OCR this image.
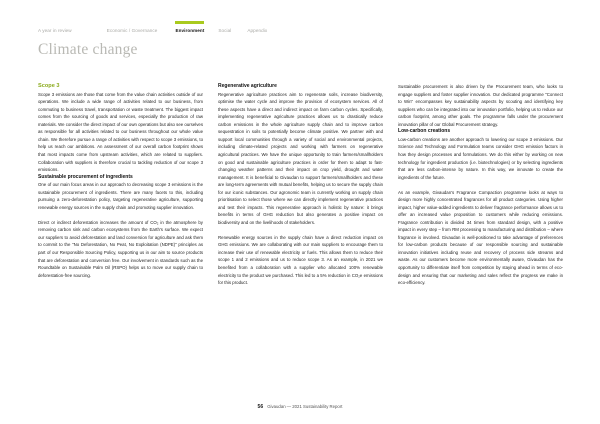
A year in review	Economic / Governance	Environment	Social	Appendix
Climate change
Scope 3

Scope 3 emissions are those that come from the value chain activities outside of our operations. We include a wide range of activities related to our business, from commuting to business travel, transportation or waste treatment. The biggest impact comes from the sourcing of goods and services, especially the production of raw materials. We consider the direct impact of our own operations but also see ourselves as responsible for all activities related to our business throughout our whole value chain. We therefore pursue a range of activities with respect to scope 3 emissions, to help us reach our ambitions. An assessment of our overall carbon footprint shows that most impacts come from upstream activities, which are related to suppliers. Collaboration with suppliers is therefore crucial to tackling reduction of our scope 3 emissions.

Sustainable procurement of ingredients

One of our main focus areas in our approach to decreasing scope 3 emissions is the sustainable procurement of ingredients. There are many facets to this, including pursuing a zero-deforestation policy, targeting regenerative agriculture, supporting renewable energy sources in the supply chain and promoting supplier innovation.

Direct or indirect deforestation increases the amount of CO₂ in the atmosphere by removing carbon sink and carbon ecosystems from the Earth's surface. We expect our suppliers to avoid deforestation and land conversion for agriculture and ask them to commit to the "No Deforestation, No Peat, No Exploitation (NDPE)" principles as part of our Responsible Sourcing Policy, supporting us in our aim to source products that are deforestation and conversion free. Our involvement in standards such as the Roundtable on Sustainable Palm Oil (RSPO) helps us to move our supply chain to deforestation-free sourcing.

Regenerative agriculture

Regenerative agriculture practices aim to regenerate soils, increase biodiversity, optimise the water cycle and improve the provision of ecosystem services. All of these aspects have a direct and indirect impact on farm carbon cycles. Specifically, implementing regenerative agriculture practices allows us to drastically reduce carbon emissions in the whole agriculture supply chain and to improve carbon sequestration in soils to potentially become climate positive. We partner with and support local communities through a variety of social and environmental projects, including climate-related projects and working with farmers on regenerative agricultural practices. We have the unique opportunity to train farmers/smallholders on good and sustainable agriculture practices in order for them to adapt to fast-changing weather patterns and their impact on crop yield, drought and water management. It is beneficial to Givaudan to support farmers/smallholders and these are long-term agreements with mutual benefits, helping us to secure the supply chain for our iconic substances. Our agronomic team is currently working on supply chain prioritisation to select those where we can directly implement regenerative practices and test their impacts. This regenerative approach is holistic by nature: it brings benefits in terms of GHG reduction but also generates a positive impact on biodiversity and on the livelihoods of stakeholders.

Renewable energy sources in the supply chain have a direct reduction impact on GHG emissions. We are collaborating with our main suppliers to encourage them to increase their use of renewable electricity or fuels. This allows them to reduce their scope 1 and 2 emissions and us to reduce scope 3. As an example, in 2021 we benefited from a collaboration with a supplier who allocated 100% renewable electricity to the product we purchased. This led to a 5% reduction in CO₂e emissions for this product.

Sustainable procurement is also driven by the Procurement team, who looks to engage suppliers and foster supplier innovation. Our dedicated programme "Connect to Win" encompasses key sustainability aspects by scouting and identifying key suppliers who can be integrated into our innovation portfolio, helping us to reduce our carbon footprint, among other goals. The programme falls under the procurement innovation pillar of our Global Procurement strategy.

Low-carbon creations

Low-carbon creations are another approach to lowering our scope 3 emissions. Our Science and Technology and Formulation teams consider GHG emission factors in how they design processes and formulations. We do this either by working on new technology for ingredient production (i.e. biotechnologies) or by selecting ingredients that are less carbon-intense by nature. In this way, we innovate to create the ingredients of the future.

As an example, Givaudan's Fragrance Compaction programme looks at ways to design more highly concentrated fragrances for all product categories. Using higher impact, higher value-added ingredients to deliver fragrance performance allows us to offer an increased value proposition to customers while reducing emissions. Fragrance contribution is divided 34 times from standard design, with a positive impact in every step – from RM processing to manufacturing and distribution – where fragrance is involved. Givaudan is well-positioned to take advantage of preferences for low-carbon products because of our responsible sourcing and sustainable innovation initiatives including reuse and recovery of process side streams and waste. As our customers become more environmentally aware, Givaudan has the opportunity to differentiate itself from competition by staying ahead in terms of eco-design and ensuring that our marketing and sales reflect the progress we make in eco-efficiency.

56 Givaudan — 2021 Sustainability Report
